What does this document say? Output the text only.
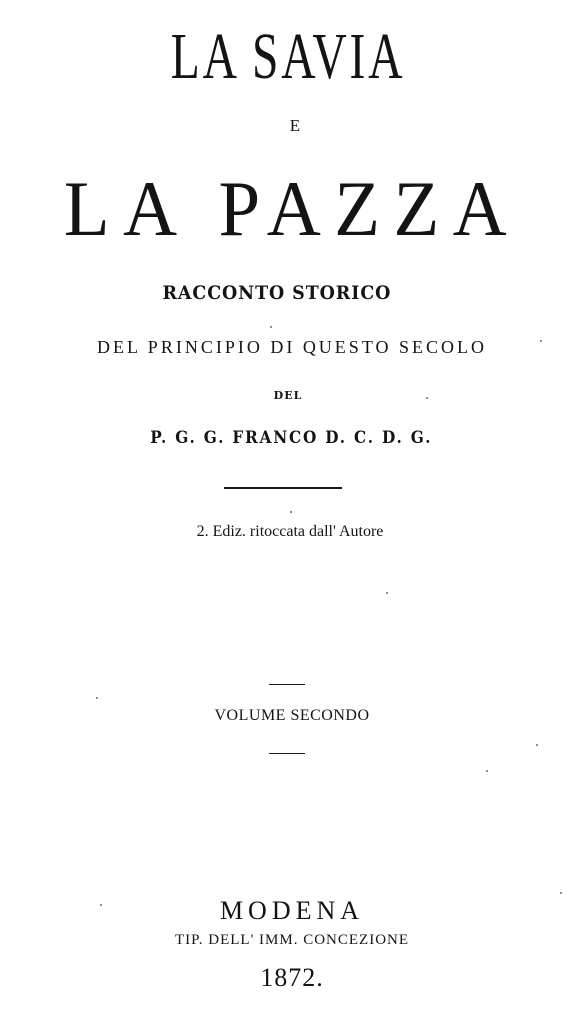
LA SAVIA
E
LA PAZZA
RACCONTO STORICO
DEL PRINCIPIO DI QUESTO SECOLO
DEL
P. G. G. FRANCO D. C. D. G.
2. Ediz. ritoccata dall' Autore
VOLUME SECONDO
MODENA
TIP. DELL' IMM. CONCEZIONE
1872.
